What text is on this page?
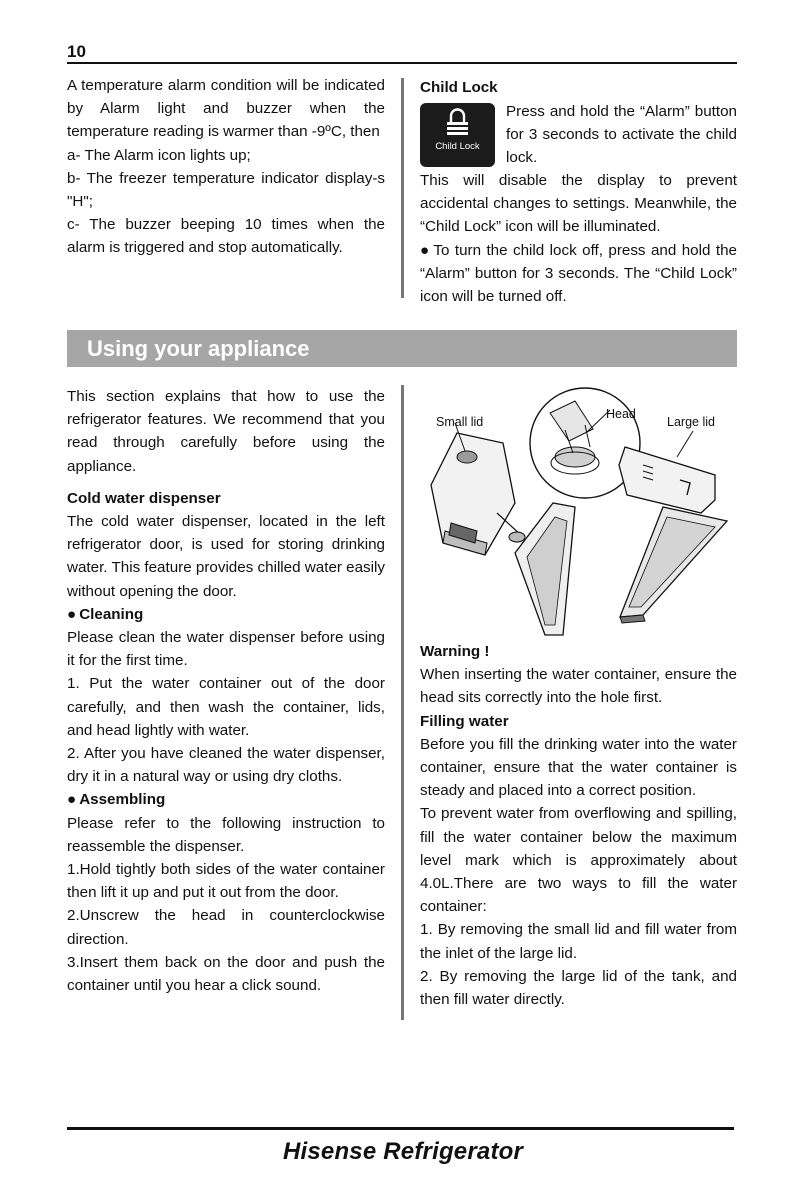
10

A temperature alarm condition will be indicated by Alarm light and buzzer when the temperature reading is warmer than -9ºC, then

a- The Alarm icon lights up;

b- The freezer temperature indicator display-s "H";

c- The buzzer beeping 10 times when the alarm is triggered and stop automatically.

Child Lock
Child Lock
Press and hold the “Alarm” button for 3 seconds to activate the child lock.

This will disable the display to prevent accidental changes to settings. Meanwhile, the “Child Lock” icon will be illuminated.

● To turn the child lock off, press and hold the “Alarm” button for 3 seconds. The “Child Lock” icon will be turned off.

Using your appliance

This section explains that how to use the refrigerator features. We recommend that you read through carefully before using the appliance.

Cold water dispenser

The cold water dispenser, located in the left refrigerator door, is used for storing drinking water. This feature provides chilled water easily without opening the door.

● Cleaning

Please clean the water dispenser before using it for the first time.

1. Put the water container out of the door carefully, and then wash the container, lids, and head lightly with water.

2. After you have cleaned the water dispenser, dry it in a natural way or using dry cloths.

● Assembling

Please refer to the following instruction to reassemble the dispenser.

1.Hold tightly both sides of the water container then lift it up and put it out from the door.

2.Unscrew the head in counterclockwise direction.

3.Insert them back on the door and push the container until you hear a click sound.

Head
Small lid	Large lid

Warning !

When inserting the water container, ensure the head sits correctly into the hole first.

Filling water

Before you fill the drinking water into the water container, ensure that the water container is steady and placed into a correct position.

To prevent water from overflowing and spilling, fill the water container below the maximum level mark which is approximately about 4.0L.There are two ways to fill the water container:

1. By removing the small lid and fill water from the inlet of the large lid.

2. By removing the large lid of the tank, and then fill water directly.

Hisense Refrigerator
